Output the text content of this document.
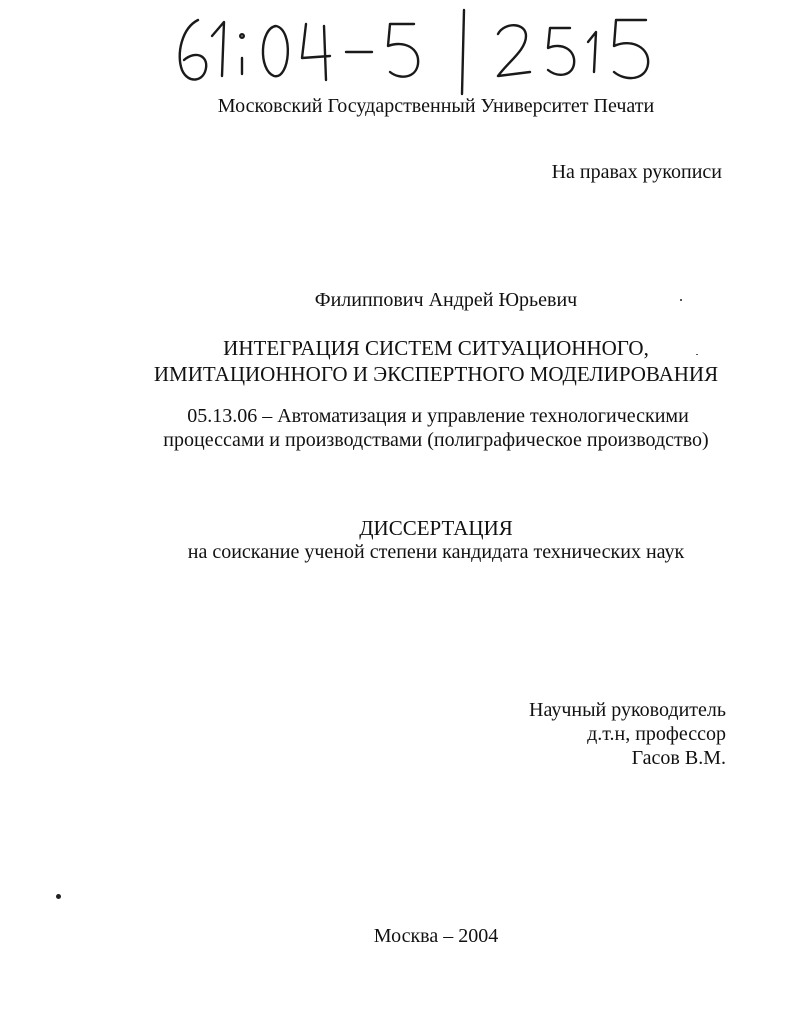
Московский Государственный Университет Печати
На правах рукописи
Филиппович Андрей Юрьевич
ИНТЕГРАЦИЯ СИСТЕМ СИТУАЦИОННОГО,
ИМИТАЦИОННОГО И ЭКСПЕРТНОГО МОДЕЛИРОВАНИЯ
05.13.06 – Автоматизация и управление технологическими
процессами и производствами (полиграфическое производство)
ДИССЕРТАЦИЯ
на соискание ученой степени кандидата технических наук
Научный руководитель
д.т.н, профессор
Гасов В.М.
Москва – 2004
